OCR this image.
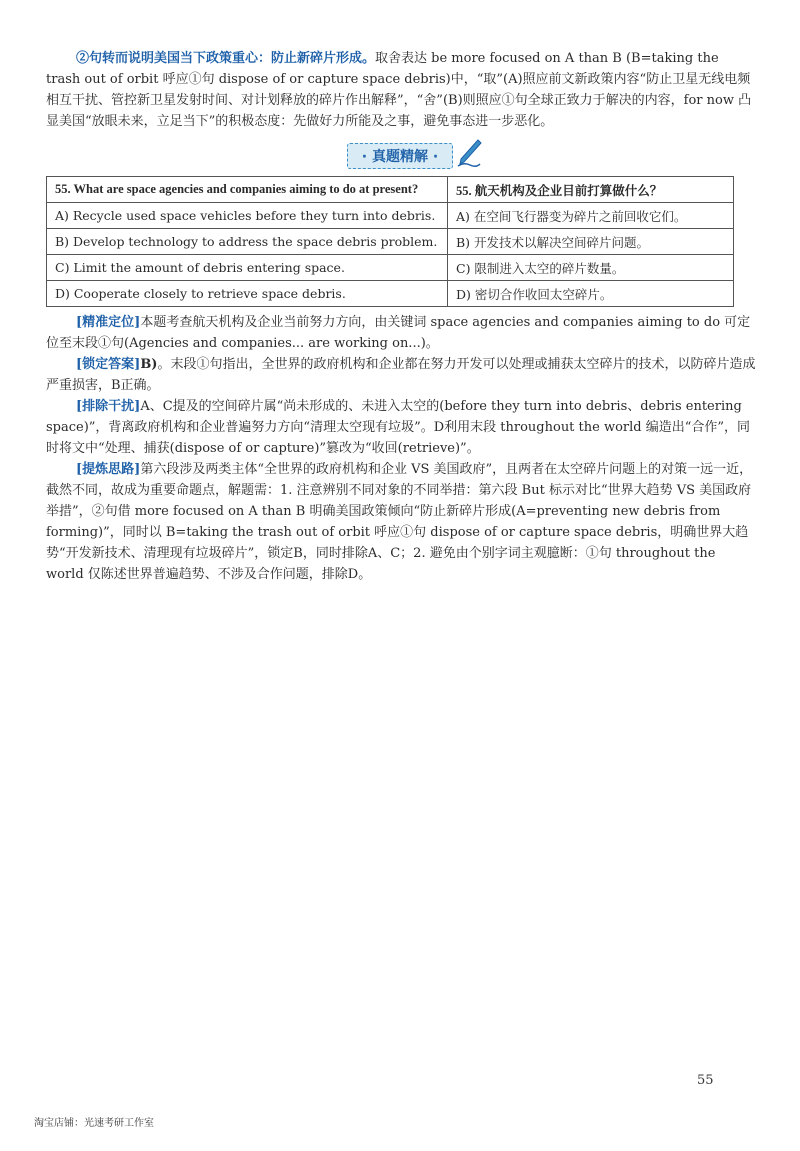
②句转而说明美国当下政策重心：防止新碎片形成。取舍表达 be more focused on A than B (B=taking the trash out of orbit 呼应①句 dispose of or capture space debris)中，“取”(A)照应前文新政策内容“防止卫星无线电频相互干扰、管控新卫星发射时间、对计划释放的碎片作出解释”，“舍”(B)则照应①句全球正致力于解决的内容，for now 凸显美国“放眼未来，立足当下”的积极态度：先做好力所能及之事，避免事态进一步恶化。
· 真题精解 ·
55. What are space agencies and companies aiming to do at present?	55. 航天机构及企业目前打算做什么？
A) Recycle used space vehicles before they turn into debris.	A) 在空间飞行器变为碎片之前回收它们。
B) Develop technology to address the space debris problem.	B) 开发技术以解决空间碎片问题。
C) Limit the amount of debris entering space.	C) 限制进入太空的碎片数量。
D) Cooperate closely to retrieve space debris.	D) 密切合作收回太空碎片。
[精准定位]本题考查航天机构及企业当前努力方向，由关键词 space agencies and companies aiming to do 可定位至末段①句(Agencies and companies... are working on...)。
[锁定答案]B)。末段①句指出，全世界的政府机构和企业都在努力开发可以处理或捕获太空碎片的技术，以防碎片造成严重损害，B正确。
[排除干扰]A、C提及的空间碎片属“尚未形成的、未进入太空的(before they turn into debris、debris entering space)”，背离政府机构和企业普遍努力方向“清理太空现有垃圾”。D利用末段 throughout the world 编造出“合作”，同时将文中“处理、捕获(dispose of or capture)”篡改为“收回(retrieve)”。
[提炼思路]第六段涉及两类主体“全世界的政府机构和企业 VS 美国政府”，且两者在太空碎片问题上的对策一远一近，截然不同，故成为重要命题点，解题需：1. 注意辨别不同对象的不同举措：第六段 But 标示对比“世界大趋势 VS 美国政府举措”，②句借 more focused on A than B 明确美国政策倾向“防止新碎片形成(A=preventing new debris from forming)”，同时以 B=taking the trash out of orbit 呼应①句 dispose of or capture space debris，明确世界大趋势“开发新技术、清理现有垃圾碎片”，锁定B，同时排除A、C；2. 避免由个别字词主观臆断：①句 throughout the world 仅陈述世界普遍趋势、不涉及合作问题，排除D。
55
淘宝店铺：光速考研工作室
